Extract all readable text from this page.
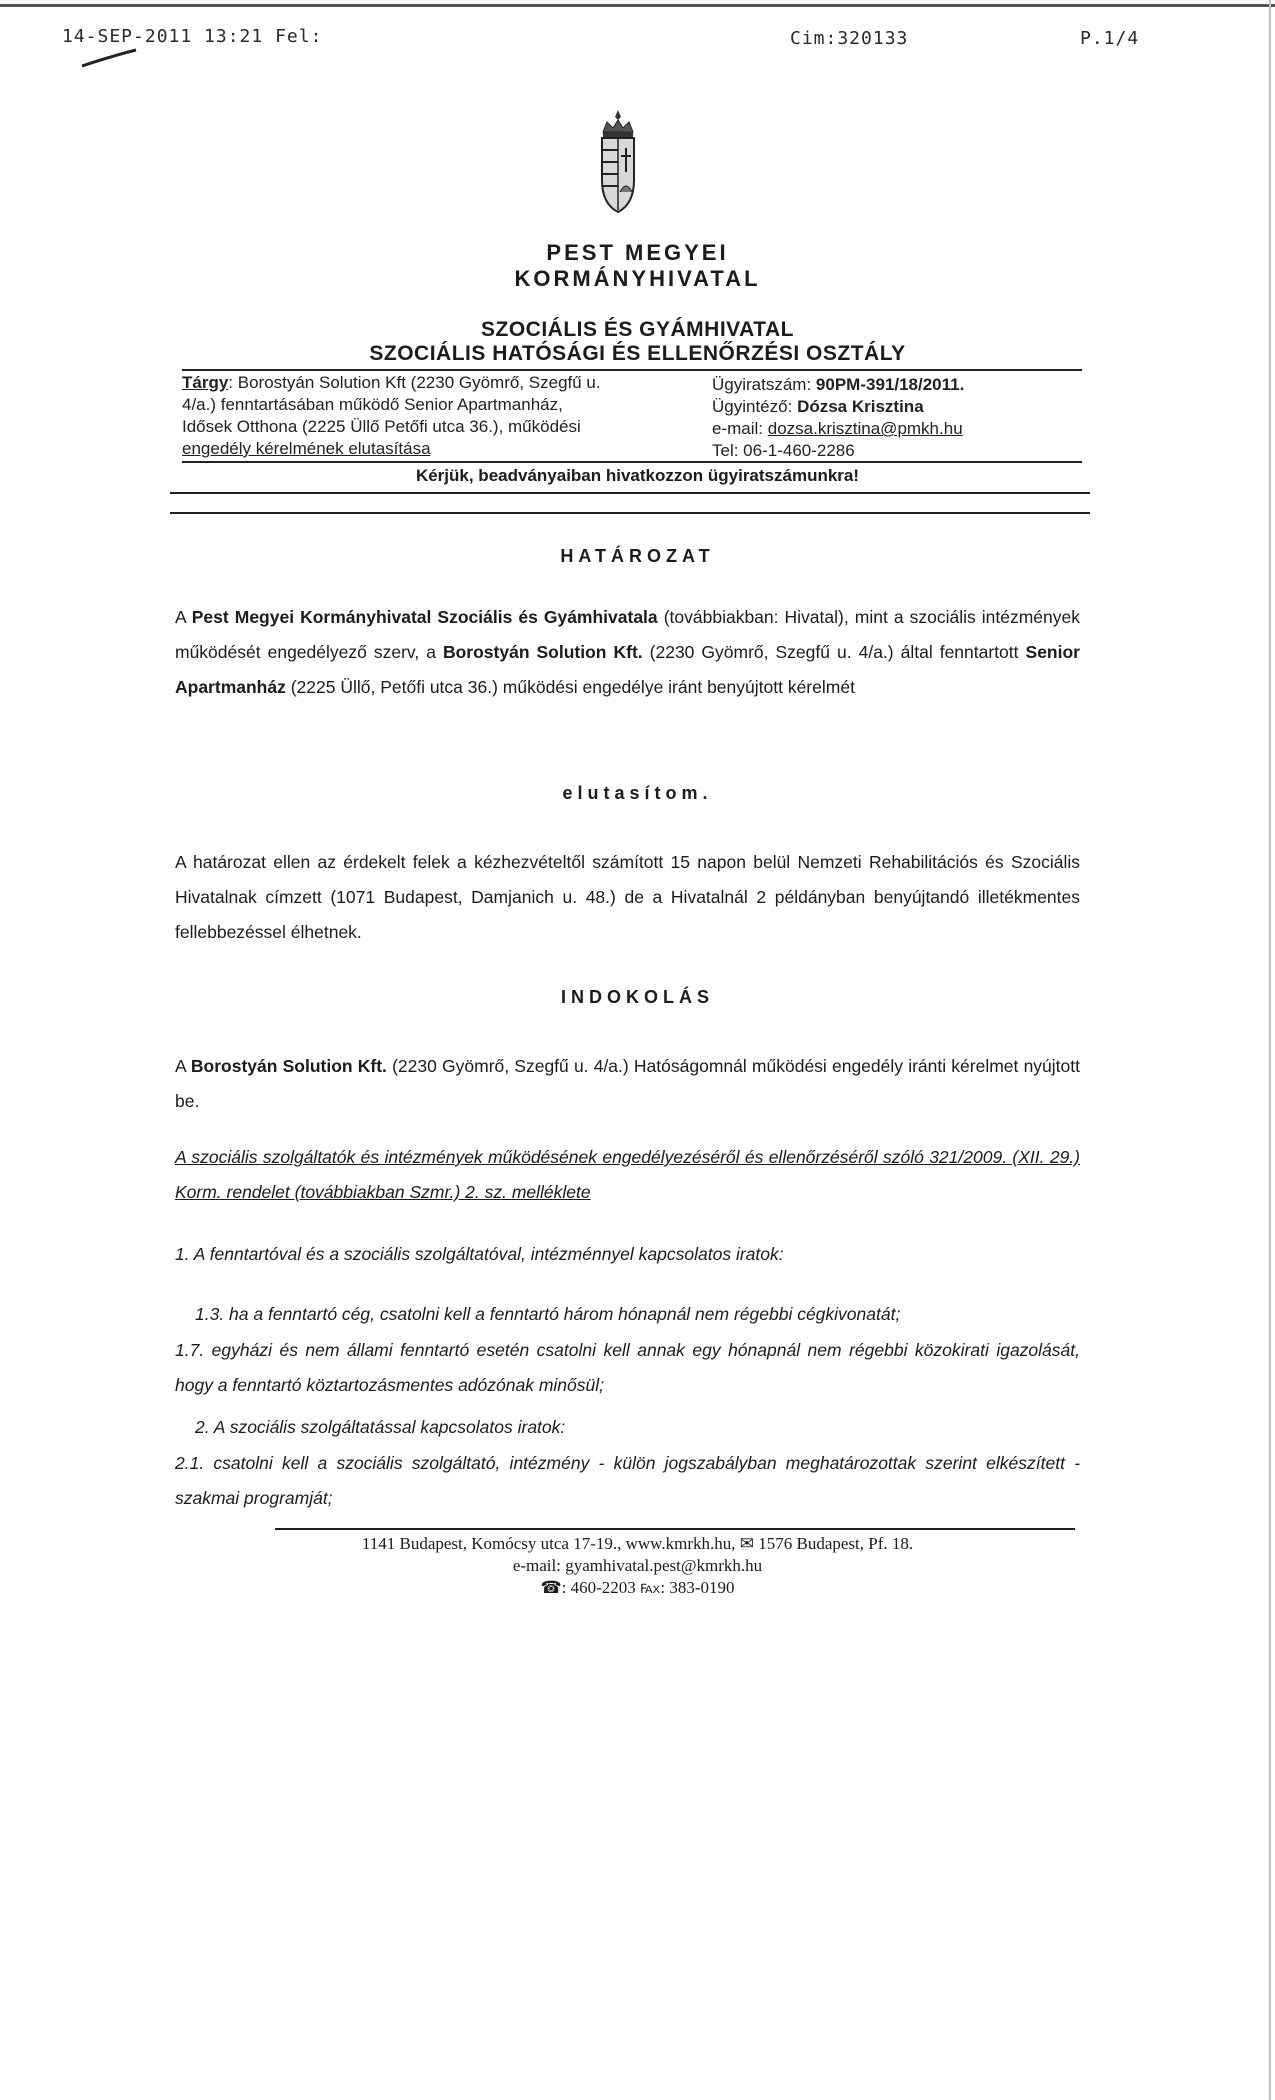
14-SEP-2011 13:21 Fel:	Cim:320133	P.1/4
PEST MEGYEI
KORMÁNYHIVATAL
SZOCIÁLIS ÉS GYÁMHIVATAL
SZOCIÁLIS HATÓSÁGI ÉS ELLENŐRZÉSI OSZTÁLY
Tárgy: Borostyán Solution Kft (2230 Gyömrő, Szegfű u.
4/a.) fenntartásában működő Senior Apartmanház,
Idősek Otthona (2225 Üllő Petőfi utca 36.), működési
engedély kérelmének elutasítása
Ügyiratszám: 90PM-391/18/2011.
Ügyintéző: Dózsa Krisztina
e-mail: dozsa.krisztina@pmkh.hu
Tel: 06-1-460-2286
Kérjük, beadványaiban hivatkozzon ügyiratszámunkra!
HATÁROZAT
A Pest Megyei Kormányhivatal Szociális és Gyámhivatala (továbbiakban: Hivatal), mint a szociális intézmények működését engedélyező szerv, a Borostyán Solution Kft. (2230 Gyömrő, Szegfű u. 4/a.) által fenntartott Senior Apartmanház (2225 Üllő, Petőfi utca 36.) működési engedélye iránt benyújtott kérelmét
elutasítom.
A határozat ellen az érdekelt felek a kézhezvételtől számított 15 napon belül Nemzeti Rehabilitációs és Szociális Hivatalnak címzett (1071 Budapest, Damjanich u. 48.) de a Hivatalnál 2 példányban benyújtandó illetékmentes fellebbezéssel élhetnek.
INDOKOLÁS
A Borostyán Solution Kft. (2230 Gyömrő, Szegfű u. 4/a.) Hatóságomnál működési engedély iránti kérelmet nyújtott be.
A szociális szolgáltatók és intézmények működésének engedélyezéséről és ellenőrzéséről szóló 321/2009. (XII. 29.) Korm. rendelet (továbbiakban Szmr.) 2. sz. melléklete
1. A fenntartóval és a szociális szolgáltatóval, intézménnyel kapcsolatos iratok:
1.3. ha a fenntartó cég, csatolni kell a fenntartó három hónapnál nem régebbi cégkivonatát;
1.7. egyházi és nem állami fenntartó esetén csatolni kell annak egy hónapnál nem régebbi közokirati igazolását, hogy a fenntartó köztartozásmentes adózónak minősül;
2. A szociális szolgáltatással kapcsolatos iratok:
2.1. csatolni kell a szociális szolgáltató, intézmény - külön jogszabályban meghatározottak szerint elkészített - szakmai programját;
1141 Budapest, Komócsy utca 17-19., www.kmrkh.hu, ✉ 1576 Budapest, Pf. 18.
e-mail: gyamhivatal.pest@kmrkh.hu
☎: 460-2203 ℻: 383-0190
